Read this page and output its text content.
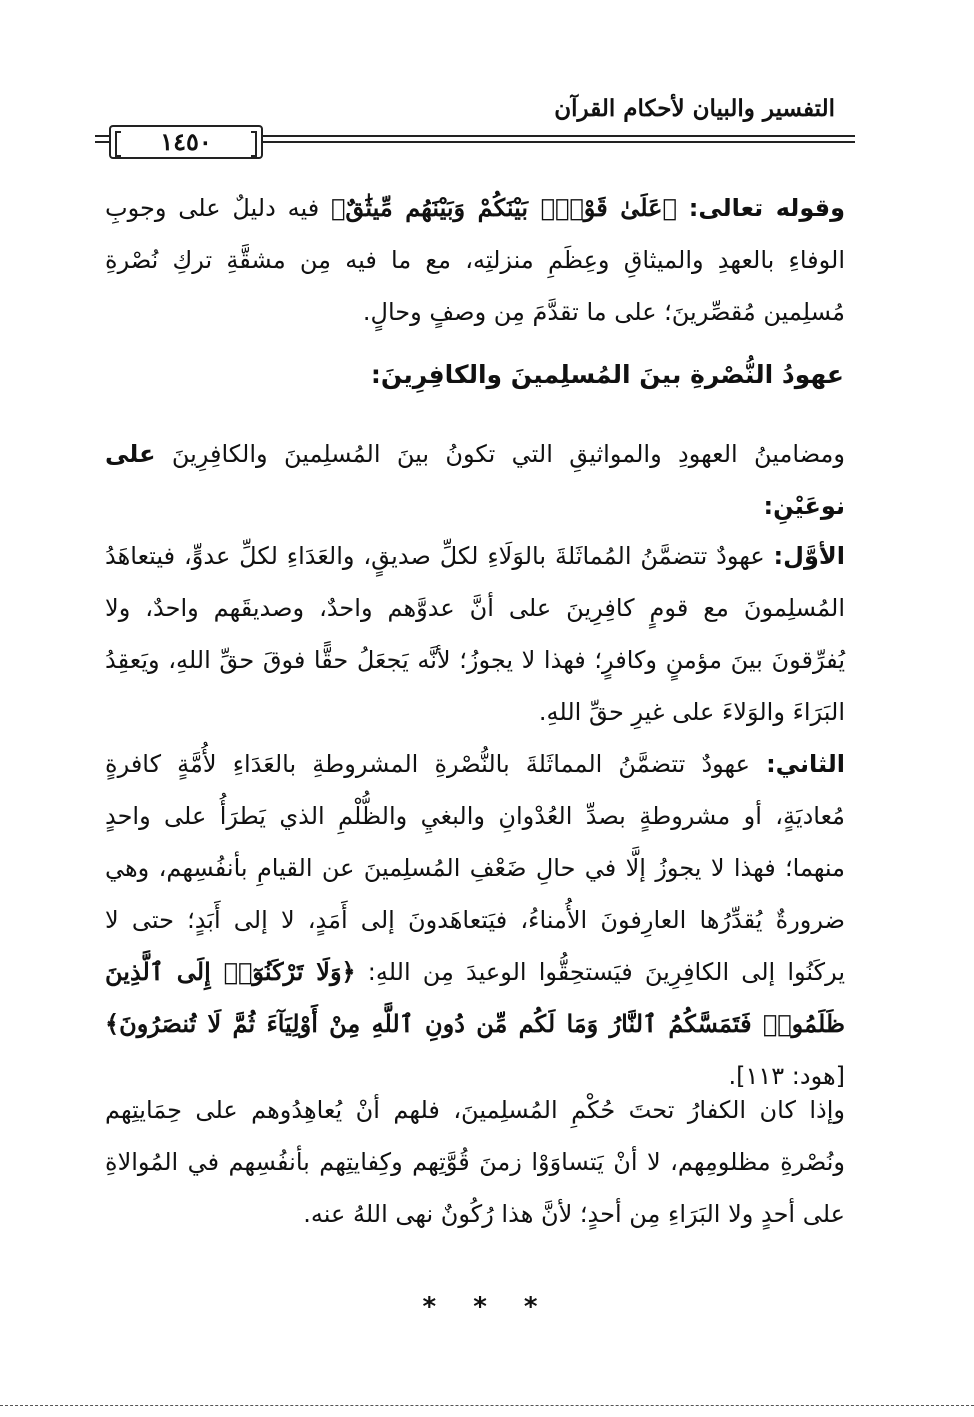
التفسير والبيان لأحكام القرآن
١٤٥٠
وقوله تعالى: ﴿عَلَىٰ قَوْمِۭ بَيْنَكُمْ وَبَيْنَهُم مِّيثَٰقٌ﴾ فيه دليلٌ على وجوبِ الوفاءِ بالعهدِ والميثاقِ وعِظَمِ منزلتِه، مع ما فيه مِن مشقَّةِ تركِ نُصْرةِ مُسلِمين مُقصِّرينَ؛ على ما تقدَّمَ مِن وصفٍ وحالٍ.
عهودُ النُّصْرةِ بينَ المُسلِمينَ والكافِرِينَ:
ومضامينُ العهودِ والمواثيقِ التي تكونُ بينَ المُسلِمينَ والكافِرِينَ على نوعَيْنِ:
الأوَّل: عهودٌ تتضمَّنُ المُماثَلةَ بالوَلَاءِ لكلِّ صديقٍ، والعَدَاءِ لكلِّ عدوٍّ، فيتعاهَدُ المُسلِمونَ مع قومٍ كافِرِينَ على أنَّ عدوَّهم واحدٌ، وصديقَهم واحدٌ، ولا يُفرِّقونَ بينَ مؤمنٍ وكافرٍ؛ فهذا لا يجوزُ؛ لأنَّه يَجعَلُ حقًّا فوقَ حقِّ اللهِ، ويَعقِدُ البَرَاءَ والوَلاءَ على غيرِ حقِّ اللهِ.
الثاني: عهودٌ تتضمَّنُ المماثَلةَ بالنُّصْرةِ المشروطةِ بالعَدَاءِ لأُمَّةٍ كافرةٍ مُعاديَةٍ، أو مشروطةٍ بصدِّ العُدْوانِ والبغيِ والظُّلْمِ الذي يَطرَأُ على واحدٍ منهما؛ فهذا لا يجوزُ إلَّا في حالِ ضَعْفِ المُسلِمينَ عن القيامِ بأنفُسِهم، وهي ضرورةٌ يُقدِّرُها العارِفونَ الأُمناءُ، فيَتعاهَدونَ إلى أَمَدٍ، لا إلى أَبَدٍ؛ حتى لا يركَنُوا إلى الكافِرِينَ فيَستحِقُّوا الوعيدَ مِن اللهِ: ﴿وَلَا تَرْكَنُوٓا۟ إِلَى ٱلَّذِينَ ظَلَمُوا۟ فَتَمَسَّكُمُ ٱلنَّارُ وَمَا لَكُم مِّن دُونِ ٱللَّهِ مِنْ أَوْلِيَآءَ ثُمَّ لَا تُنصَرُونَ﴾ [هود: ١١٣].
وإذا كان الكفارُ تحتَ حُكْمِ المُسلِمينَ، فلهم أنْ يُعاهِدُوهم على حِمَايتِهم ونُصْرةِ مظلومِهم، لا أنْ يَتساوَوْا زمنَ قُوَّتِهم وكِفايتِهم بأنفُسِهم في المُوالاةِ على أحدٍ ولا البَرَاءِ مِن أحدٍ؛ لأنَّ هذا رُكُونٌ نهى اللهُ عنه.
* * *
